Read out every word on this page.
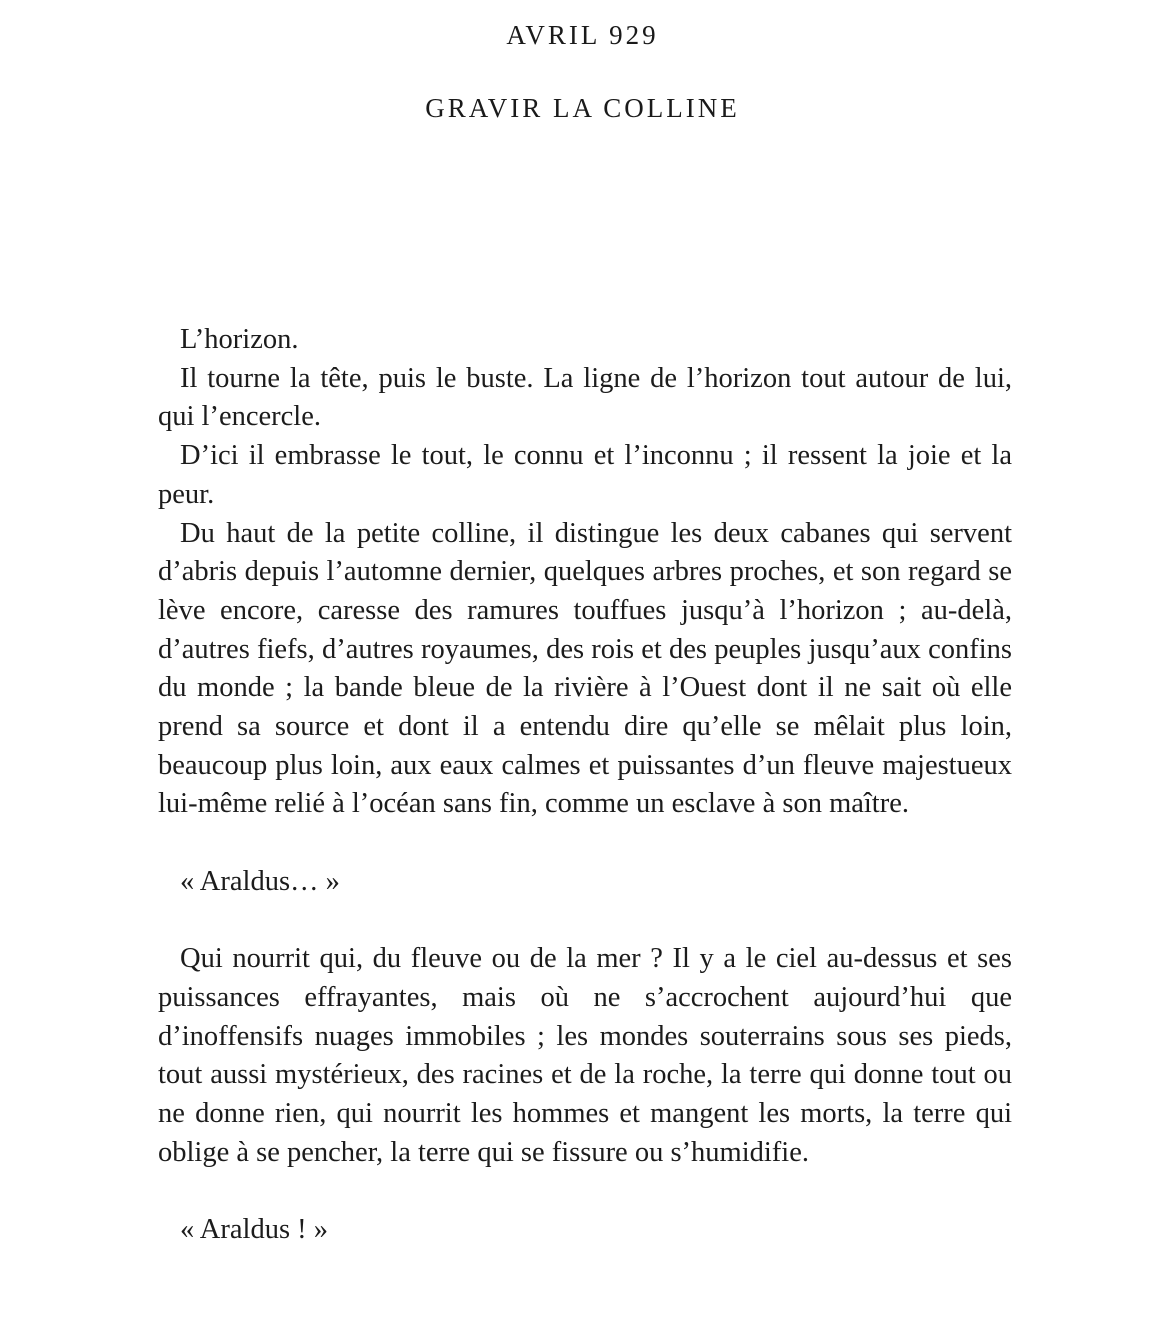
AVRIL 929
GRAVIR LA COLLINE

L’horizon.

Il tourne la tête, puis le buste. La ligne de l’horizon tout autour de lui, qui l’encercle.

D’ici il embrasse le tout, le connu et l’inconnu ; il ressent la joie et la peur.

Du haut de la petite colline, il distingue les deux cabanes qui servent d’abris depuis l’automne dernier, quelques arbres proches, et son regard se lève encore, caresse des ramures touffues jusqu’à l’horizon ; au-delà, d’autres fiefs, d’autres royaumes, des rois et des peuples jusqu’aux confins du monde ; la bande bleue de la rivière à l’Ouest dont il ne sait où elle prend sa source et dont il a entendu dire qu’elle se mêlait plus loin, beaucoup plus loin, aux eaux calmes et puissantes d’un fleuve majestueux lui-même relié à l’océan sans fin, comme un esclave à son maître.

« Araldus… »

Qui nourrit qui, du fleuve ou de la mer ? Il y a le ciel au-dessus et ses puissances effrayantes, mais où ne s’accrochent aujourd’hui que d’inoffensifs nuages immobiles ; les mondes souterrains sous ses pieds, tout aussi mystérieux, des racines et de la roche, la terre qui donne tout ou ne donne rien, qui nourrit les hommes et mangent les morts, la terre qui oblige à se pencher, la terre qui se fissure ou s’humidifie.

« Araldus ! »
